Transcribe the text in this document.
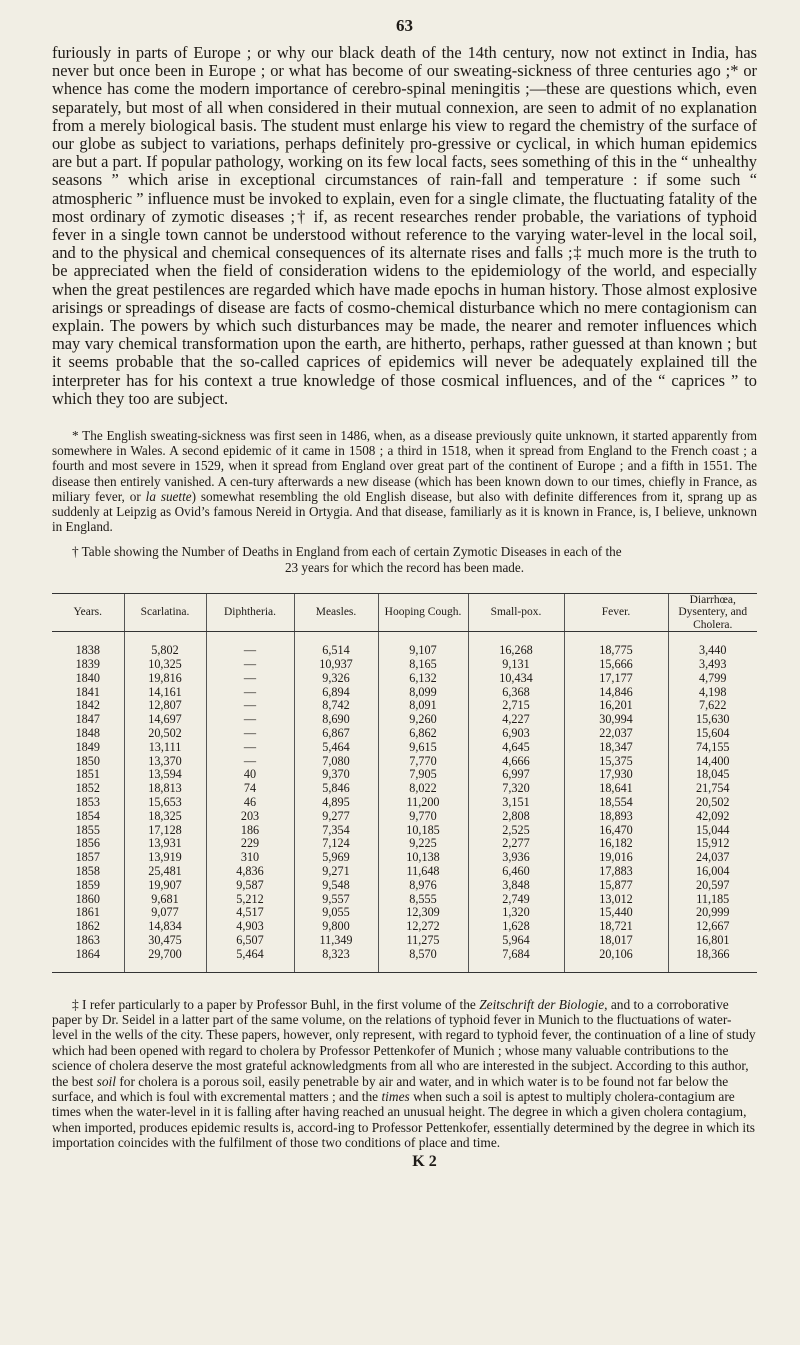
63

furiously in parts of Europe ; or why our black death of the 14th century, now not extinct in India, has never but once been in Europe ; or what has become of our sweating-sickness of three centuries ago ;* or whence has come the modern importance of cerebro-spinal meningitis ;—these are questions which, even separately, but most of all when considered in their mutual connexion, are seen to admit of no explanation from a merely biological basis. The student must enlarge his view to regard the chemistry of the surface of our globe as subject to variations, perhaps definitely pro-gressive or cyclical, in which human epidemics are but a part. If popular pathology, working on its few local facts, sees something of this in the “ unhealthy seasons ” which arise in exceptional circumstances of rain-fall and temperature : if some such “ atmospheric ” influence must be invoked to explain, even for a single climate, the fluctuating fatality of the most ordinary of zymotic diseases ;† if, as recent researches render probable, the variations of typhoid fever in a single town cannot be understood without reference to the varying water-level in the local soil, and to the physical and chemical consequences of its alternate rises and falls ;‡ much more is the truth to be appreciated when the field of consideration widens to the epidemiology of the world, and especially when the great pestilences are regarded which have made epochs in human history. Those almost explosive arisings or spreadings of disease are facts of cosmo-chemical disturbance which no mere contagionism can explain. The powers by which such disturbances may be made, the nearer and remoter influences which may vary chemical transformation upon the earth, are hitherto, perhaps, rather guessed at than known ; but it seems probable that the so-called caprices of epidemics will never be adequately explained till the interpreter has for his context a true knowledge of those cosmical influences, and of the “ caprices ” to which they too are subject.

* The English sweating-sickness was first seen in 1486, when, as a disease previously quite unknown, it started apparently from somewhere in Wales. A second epidemic of it came in 1508 ; a third in 1518, when it spread from England to the French coast ; a fourth and most severe in 1529, when it spread from England over great part of the continent of Europe ; and a fifth in 1551. The disease then entirely vanished. A cen-tury afterwards a new disease (which has been known down to our times, chiefly in France, as miliary fever, or la suette) somewhat resembling the old English disease, but also with definite differences from it, sprang up as suddenly at Leipzig as Ovid’s famous Nereid in Ortygia. And that disease, familiarly as it is known in France, is, I believe, unknown in England.

† Table showing the Number of Deaths in England from each of certain Zymotic Diseases in each of the

23 years for which the record has been made.
Years.	Scarlatina.	Diphtheria.	Measles.	Hooping Cough.	Small-pox.	Fever.	Diarrhœa,
Dysentery, and
Cholera.
1838	5,802	—	6,514	9,107	16,268	18,775	3,440
1839	10,325	—	10,937	8,165	9,131	15,666	3,493
1840	19,816	—	9,326	6,132	10,434	17,177	4,799
1841	14,161	—	6,894	8,099	6,368	14,846	4,198
1842	12,807	—	8,742	8,091	2,715	16,201	7,622
1847	14,697	—	8,690	9,260	4,227	30,994	15,630
1848	20,502	—	6,867	6,862	6,903	22,037	15,604
1849	13,111	—	5,464	9,615	4,645	18,347	74,155
1850	13,370	—	7,080	7,770	4,666	15,375	14,400
1851	13,594	40	9,370	7,905	6,997	17,930	18,045
1852	18,813	74	5,846	8,022	7,320	18,641	21,754
1853	15,653	46	4,895	11,200	3,151	18,554	20,502
1854	18,325	203	9,277	9,770	2,808	18,893	42,092
1855	17,128	186	7,354	10,185	2,525	16,470	15,044
1856	13,931	229	7,124	9,225	2,277	16,182	15,912
1857	13,919	310	5,969	10,138	3,936	19,016	24,037
1858	25,481	4,836	9,271	11,648	6,460	17,883	16,004
1859	19,907	9,587	9,548	8,976	3,848	15,877	20,597
1860	9,681	5,212	9,557	8,555	2,749	13,012	11,185
1861	9,077	4,517	9,055	12,309	1,320	15,440	20,999
1862	14,834	4,903	9,800	12,272	1,628	18,721	12,667
1863	30,475	6,507	11,349	11,275	5,964	18,017	16,801
1864	29,700	5,464	8,323	8,570	7,684	20,106	18,366

‡ I refer particularly to a paper by Professor Buhl, in the first volume of the Zeitschrift der Biologie, and to a corroborative paper by Dr. Seidel in a latter part of the same volume, on the relations of typhoid fever in Munich to the fluctuations of water-level in the wells of the city. These papers, however, only represent, with regard to typhoid fever, the continuation of a line of study which had been opened with regard to cholera by Professor Pettenkofer of Munich ; whose many valuable contributions to the science of cholera deserve the most grateful acknowledgments from all who are interested in the subject. According to this author, the best soil for cholera is a porous soil, easily penetrable by air and water, and in which water is to be found not far below the surface, and which is foul with excremental matters ; and the times when such a soil is aptest to multiply cholera-contagium are times when the water-level in it is falling after having reached an unusual height. The degree in which a given cholera contagium, when imported, produces epidemic results is, accord-ing to Professor Pettenkofer, essentially determined by the degree in which its importation coincides with the fulfilment of those two conditions of place and time.

K 2
